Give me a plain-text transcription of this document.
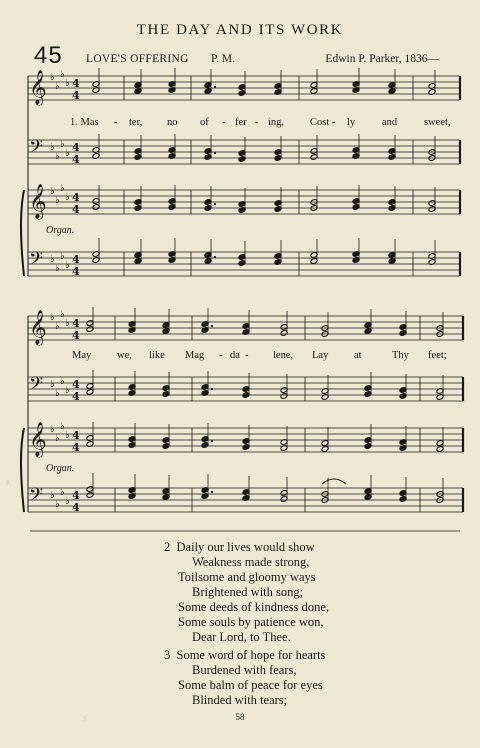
THE DAY AND ITS WORK
45 LOVE'S OFFERING P. M.	Edwin P. Parker, 1836—
𝄞 ♭
♭
♭
♭ 4
4
𝄢 ♭
♭
♭
♭ 4
4
𝄞 ♭
♭
♭
♭ 4
4
𝄢 ♭
♭
♭
♭ 4
4
𝄞 ♭
♭
♭
♭ 4
4
𝄢 ♭
♭
♭
♭ 4
4
𝄞 ♭
♭
♭
♭ 4
4
𝄢 ♭
♭
♭
♭ 4
4
1. Mas - ter, no of - fer - ing, Cost - ly	and	sweet,
May we, like Mag - da - lene, Lay at	Thy feet;
Organ.
Organ.
2 Daily our lives would show
Weakness made strong,
Toilsome and gloomy ways
Brightened with song;
Some deeds of kindness done,
Some souls by patience won,
Dear Lord, to Thee.
3 Some word of hope for hearts
Burdened with fears,
Some balm of peace for eyes
Blinded with tears;
58
